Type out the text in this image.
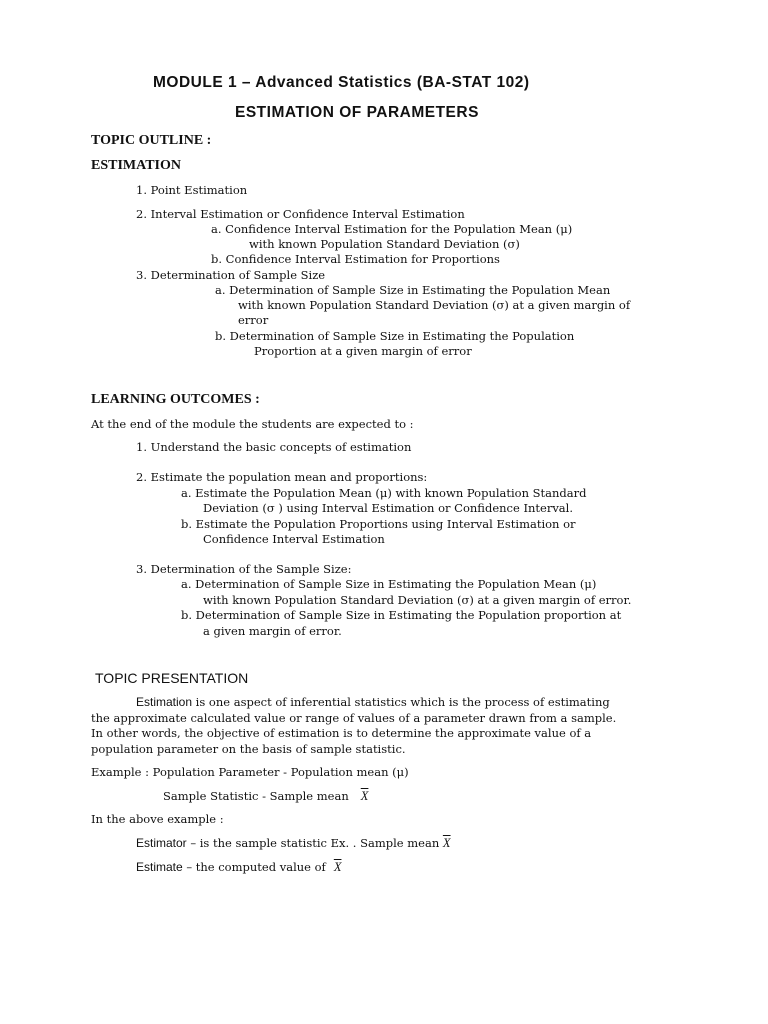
MODULE 1 – Advanced Statistics (BA-STAT 102)
ESTIMATION OF PARAMETERS
TOPIC OUTLINE :
ESTIMATION
1. Point Estimation
2. Interval Estimation or Confidence Interval Estimation
a. Confidence Interval Estimation for the Population Mean (μ)
with known Population Standard Deviation (σ)
b. Confidence Interval Estimation for Proportions
3. Determination of Sample Size
a. Determination of Sample Size in Estimating the Population Mean
with known Population Standard Deviation (σ) at a given margin of
error
b. Determination of Sample Size in Estimating the Population
Proportion at a given margin of error
LEARNING OUTCOMES :
At the end of the module the students are expected to :
1. Understand the basic concepts of estimation
2. Estimate the population mean and proportions:
a. Estimate the Population Mean (μ) with known Population Standard
Deviation (σ ) using Interval Estimation or Confidence Interval.
b. Estimate the Population Proportions using Interval Estimation or
Confidence Interval Estimation
3. Determination of the Sample Size:
a. Determination of Sample Size in Estimating the Population Mean (μ)
with known Population Standard Deviation (σ) at a given margin of error.
b. Determination of Sample Size in Estimating the Population proportion at
a given margin of error.
TOPIC PRESENTATION
Estimation is one aspect of inferential statistics which is the process of estimating
the approximate calculated value or range of values of a parameter drawn from a sample.
In other words, the objective of estimation is to determine the approximate value of a
population parameter on the basis of sample statistic.
Example : Population Parameter - Population mean (μ)
Sample Statistic - Sample mean $\overline{X}$
In the above example :
Estimator – is the sample statistic Ex. . Sample mean $\overline{X}$
Estimate – the computed value of $\overline{X}$
